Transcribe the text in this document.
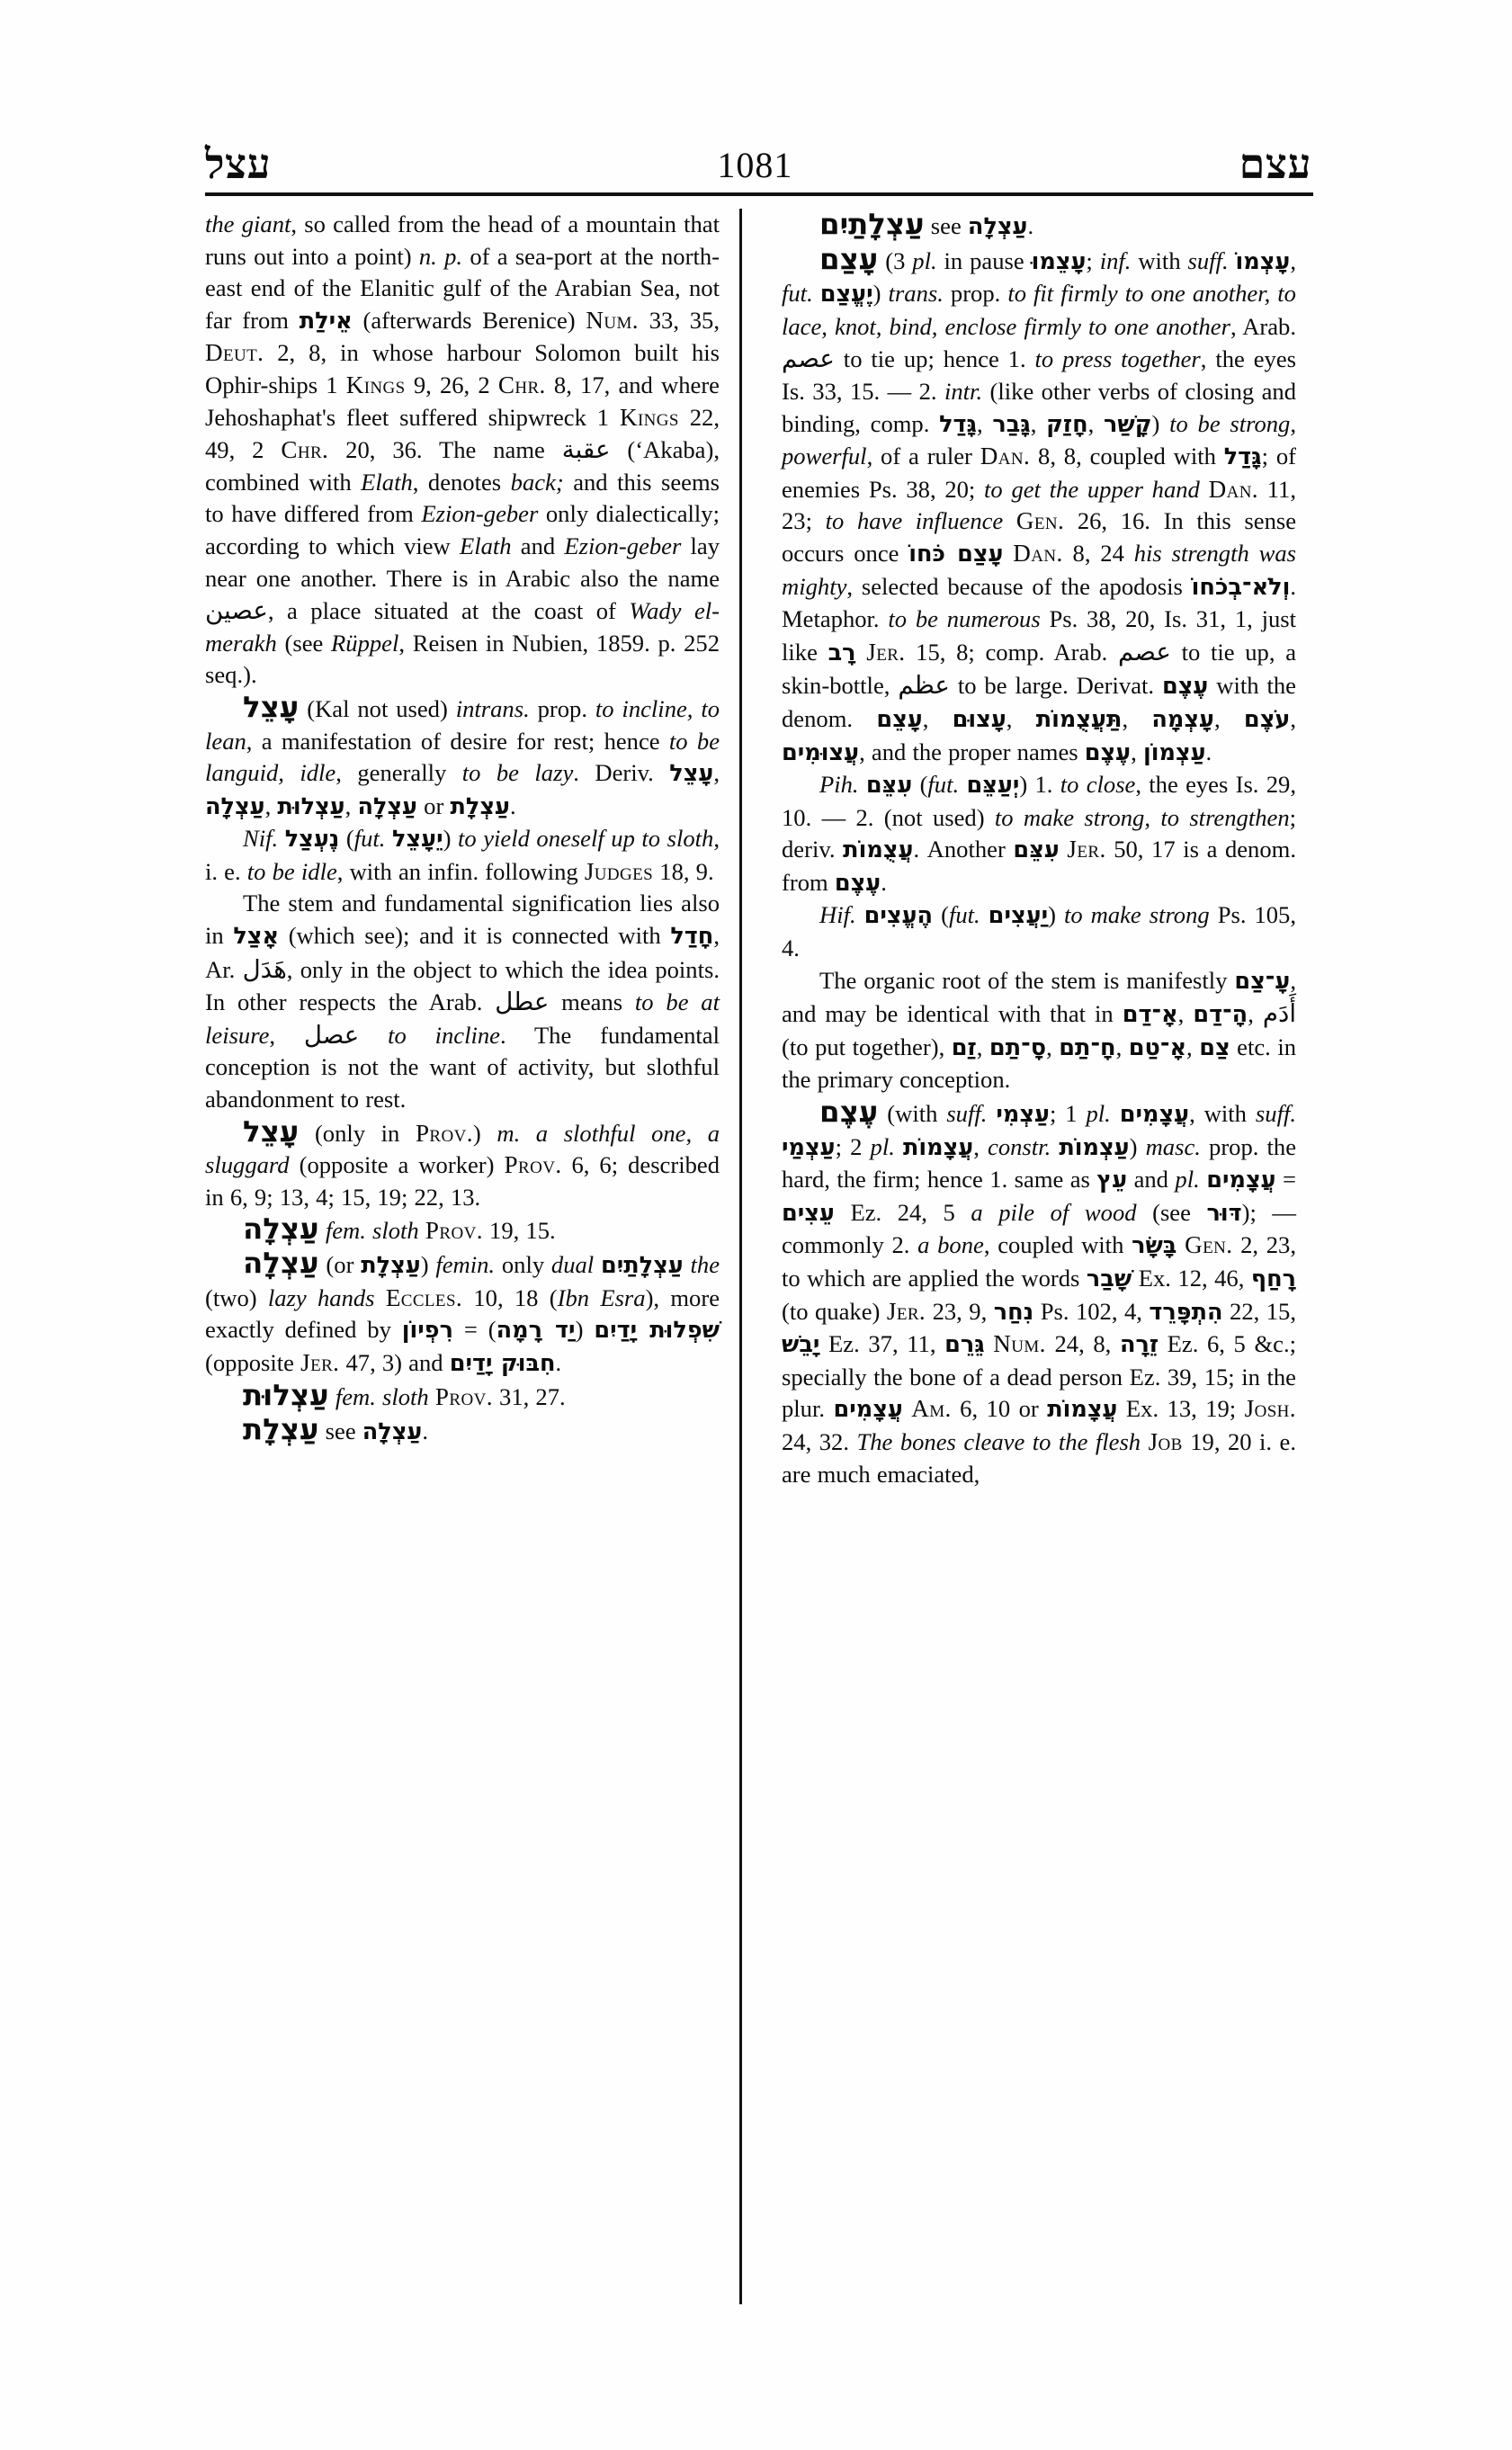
עצל	1081	עצם

the giant, so called from the head of a mountain that runs out into a point) n. p. of a sea-port at the north-east end of the Elanitic gulf of the Arabian Sea, not far from אֵילַת (afterwards Berenice) Num. 33, 35, Deut. 2, 8, in whose harbour Solomon built his Ophir-ships 1 Kings 9, 26, 2 Chr. 8, 17, and where Jehoshaphat's fleet suffered shipwreck 1 Kings 22, 49, 2 Chr. 20, 36. The name عقبة (ʻAkaba), combined with Elath, denotes back; and this seems to have differed from Ezion-geber only dialectically; according to which view Elath and Ezion-geber lay near one another. There is in Arabic also the name عصين, a place situated at the coast of Wady el-merakh (see Rüppel, Reisen in Nubien, 1859. p. 252 seq.).

עָצֵל (Kal not used) intrans. prop. to incline, to lean, a manifestation of desire for rest; hence to be languid, idle, generally to be lazy. Deriv. עָצֵל, עַצְלָה, עַצְלוּת, עַצְלָה or עַצְלָת.

Nif. נֶעְצַל (fut. יֵעָצֵל) to yield oneself up to sloth, i. e. to be idle, with an infin. following Judges 18, 9.

The stem and fundamental signification lies also in אָצַל (which see); and it is connected with חָדַל, Ar. هَدَل, only in the object to which the idea points. In other respects the Arab. عطل means to be at leisure, عصل to incline. The fundamental conception is not the want of activity, but slothful abandonment to rest.

עָצֵל (only in Prov.) m. a slothful one, a sluggard (opposite a worker) Prov. 6, 6; described in 6, 9; 13, 4; 15, 19; 22, 13.

עַצְלָה fem. sloth Prov. 19, 15.

עַצְלָה (or עַצְלָת) femin. only dual עַצְלָתַיִם the (two) lazy hands Eccles. 10, 18 (Ibn Esra), more exactly defined by רִפְיוֹן = (יַד רָמָה) שִׁפְלוּת יָדַיִם (opposite Jer. 47, 3) and חִבּוּק יָדַיִם.

עַצְלוּת fem. sloth Prov. 31, 27.

עַצְלָת see עַצְלָה.

עַצְלָתַיִם see עַצְלָה.

עָצַם (3 pl. in pause עָצֵמוּ; inf. with suff. עָצְמוֹ, fut. יֶעֱצַם) trans. prop. to fit firmly to one another, to lace, knot, bind, enclose firmly to one another, Arab. عصم to tie up; hence 1. to press together, the eyes Is. 33, 15. — 2. intr. (like other verbs of closing and binding, comp. גָּדַל, גָּבַר, חָזַק, קָשַׁר) to be strong, powerful, of a ruler Dan. 8, 8, coupled with גָּדַל; of enemies Ps. 38, 20; to get the upper hand Dan. 11, 23; to have influence Gen. 26, 16. In this sense occurs once עָצַם כֹּחוֹ Dan. 8, 24 his strength was mighty, selected because of the apodosis וְלֹא־בְכֹחוֹ. Metaphor. to be numerous Ps. 38, 20, Is. 31, 1, just like רָב Jer. 15, 8; comp. Arab. عصم to tie up, a skin-bottle, عظم to be large. Derivat. עֶצֶם with the denom. עָצֵם, עָצוּם, תַּעֲצֻמוֹת, עָצְמָה, עֹצֶם, עֲצוּמִים, and the proper names עֶצֶם, עַצְמוֹן.

Pih. עִצֵּם (fut. יְעַצֵּם) 1. to close, the eyes Is. 29, 10. — 2. (not used) to make strong, to strengthen; deriv. עֲצֻמוֹת. Another עִצֵּם Jer. 50, 17 is a denom. from עֶצֶם.

Hif. הֶעֱצִים (fut. יַעֲצִים) to make strong Ps. 105, 4.

The organic root of the stem is manifestly עָ־צַם, and may be identical with that in אָ־דַם, הָ־דַם, أَدَم (to put together), זַם, סָ־תַם, חָ־תַם, אָ־טַם, צַם etc. in the primary conception.

עֶצֶם (with suff. עַצְמִי; 1 pl. עֲצָמִים, with suff. עַצְמַי; 2 pl. עֲצָמוֹת, constr. עַצְמוֹת) masc. prop. the hard, the firm; hence 1. same as עֵץ and pl. עֲצָמִים = עֵצִים Ez. 24, 5 a pile of wood (see דּוּר); — commonly 2. a bone, coupled with בָּשָׂר Gen. 2, 23, to which are applied the words שָׁבַר Ex. 12, 46, רָחַף (to quake) Jer. 23, 9, נִחַר Ps. 102, 4, הִתְפָּרֵד 22, 15, יָבֵשׁ Ez. 37, 11, גֵּרֵם Num. 24, 8, זֵרָה Ez. 6, 5 &c.; specially the bone of a dead person Ez. 39, 15; in the plur. עֲצָמִים Am. 6, 10 or עֲצָמוֹת Ex. 13, 19; Josh. 24, 32. The bones cleave to the flesh Job 19, 20 i. e. are much emaciated,
